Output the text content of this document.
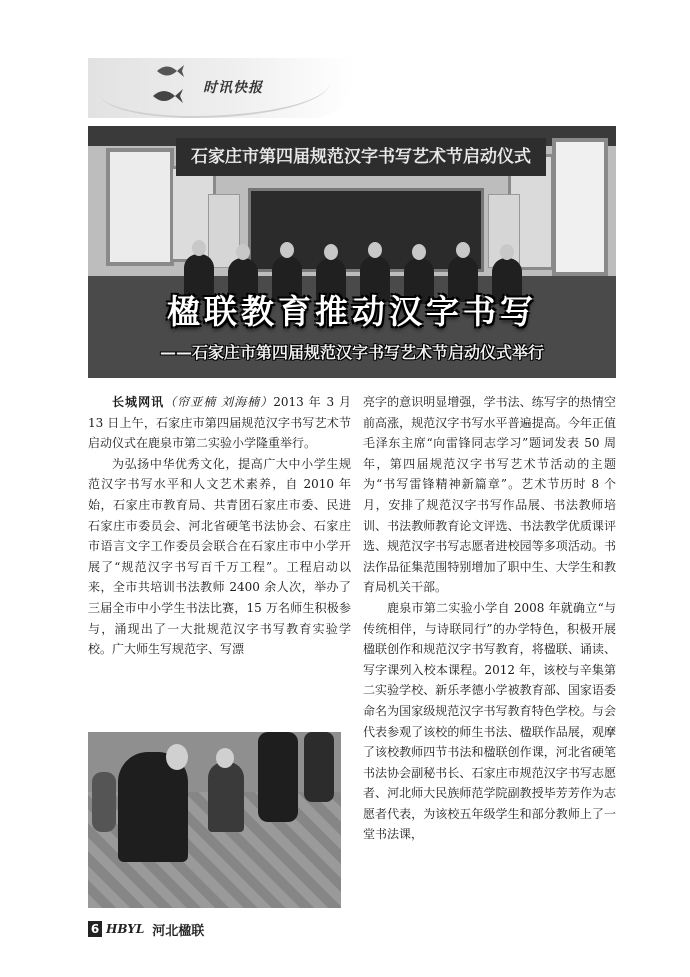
时讯快报
石家庄市第四届规范汉字书写艺术节启动仪式
楹联教育推动汉字书写
——石家庄市第四届规范汉字书写艺术节启动仪式举行

长城网讯（帘亚楠 刘海楠）2013 年 3 月 13 日上午，石家庄市第四届规范汉字书写艺术节启动仪式在鹿泉市第二实验小学隆重举行。

为弘扬中华优秀文化，提高广大中小学生规范汉字书写水平和人文艺术素养，自 2010 年始，石家庄市教育局、共青团石家庄市委、民进石家庄市委员会、河北省硬笔书法协会、石家庄市语言文字工作委员会联合在石家庄市中小学开展了“规范汉字书写百千万工程”。工程启动以来，全市共培训书法教师 2400 余人次，举办了三届全市中小学生书法比赛，15 万名师生积极参与，涌现出了一大批规范汉字书写教育实验学校。广大师生写规范字、写漂

亮字的意识明显增强，学书法、练写字的热情空前高涨，规范汉字书写水平普遍提高。今年正值毛泽东主席“向雷锋同志学习”题词发表 50 周年，第四届规范汉字书写艺术节活动的主题为“书写雷锋精神新篇章”。艺术节历时 8 个月，安排了规范汉字书写作品展、书法教师培训、书法教师教育论文评选、书法教学优质课评选、规范汉字书写志愿者进校园等多项活动。书法作品征集范围特别增加了职中生、大学生和教育局机关干部。

鹿泉市第二实验小学自 2008 年就确立“与传统相伴，与诗联同行”的办学特色，积极开展楹联创作和规范汉字书写教育，将楹联、诵读、写字课列入校本课程。2012 年，该校与辛集第二实验学校、新乐孝德小学被教育部、国家语委命名为国家级规范汉字书写教育特色学校。与会代表参观了该校的师生书法、楹联作品展，观摩了该校教师四节书法和楹联创作课，河北省硬笔书法协会副秘书长、石家庄市规范汉字书写志愿者、河北师大民族师范学院副教授毕芳芳作为志愿者代表，为该校五年级学生和部分教师上了一堂书法课，

6 HBYL 河北楹联
